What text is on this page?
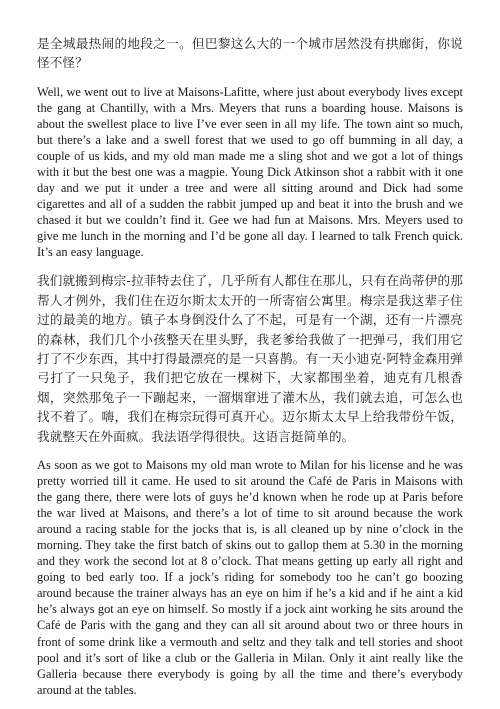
是全城最热闹的地段之一。但巴黎这么大的一个城市居然没有拱廊街，你说怪不怪？

Well, we went out to live at Maisons-Lafitte, where just about everybody lives except the gang at Chantilly, with a Mrs. Meyers that runs a boarding house. Maisons is about the swellest place to live I’ve ever seen in all my life. The town aint so much, but there’s a lake and a swell forest that we used to go off bumming in all day, a couple of us kids, and my old man made me a sling shot and we got a lot of things with it but the best one was a magpie. Young Dick Atkinson shot a rabbit with it one day and we put it under a tree and were all sitting around and Dick had some cigarettes and all of a sudden the rabbit jumped up and beat it into the brush and we chased it but we couldn’t find it. Gee we had fun at Maisons. Mrs. Meyers used to give me lunch in the morning and I’d be gone all day. I learned to talk French quick. It’s an easy language.

我们就搬到梅宗-拉菲特去住了，几乎所有人都住在那儿，只有在尚蒂伊的那帮人才例外，我们住在迈尔斯太太开的一所寄宿公寓里。梅宗是我这辈子住过的最美的地方。镇子本身倒没什么了不起，可是有一个湖，还有一片漂亮的森林，我们几个小孩整天在里头野，我老爹给我做了一把弹弓，我们用它打了不少东西，其中打得最漂亮的是一只喜鹊。有一天小迪克·阿特金森用弹弓打了一只兔子，我们把它放在一棵树下，大家都围坐着，迪克有几根香烟，突然那兔子一下蹦起来，一溜烟窜进了灌木丛，我们就去追，可怎么也找不着了。嗨，我们在梅宗玩得可真开心。迈尔斯太太早上给我带份午饭，我就整天在外面疯。我法语学得很快。这语言挺简单的。

As soon as we got to Maisons my old man wrote to Milan for his license and he was pretty worried till it came. He used to sit around the Café de Paris in Maisons with the gang there, there were lots of guys he’d known when he rode up at Paris before the war lived at Maisons, and there’s a lot of time to sit around because the work around a racing stable for the jocks that is, is all cleaned up by nine o’clock in the morning. They take the first batch of skins out to gallop them at 5.30 in the morning and they work the second lot at 8 o’clock. That means getting up early all right and going to bed early too. If a jock’s riding for somebody too he can’t go boozing around because the trainer always has an eye on him if he’s a kid and if he aint a kid he’s always got an eye on himself. So mostly if a jock aint working he sits around the Café de Paris with the gang and they can all sit around about two or three hours in front of some drink like a vermouth and seltz and they talk and tell stories and shoot pool and it’s sort of like a club or the Galleria in Milan. Only it aint really like the Galleria because there everybody is going by all the time and there’s everybody around at the tables.
